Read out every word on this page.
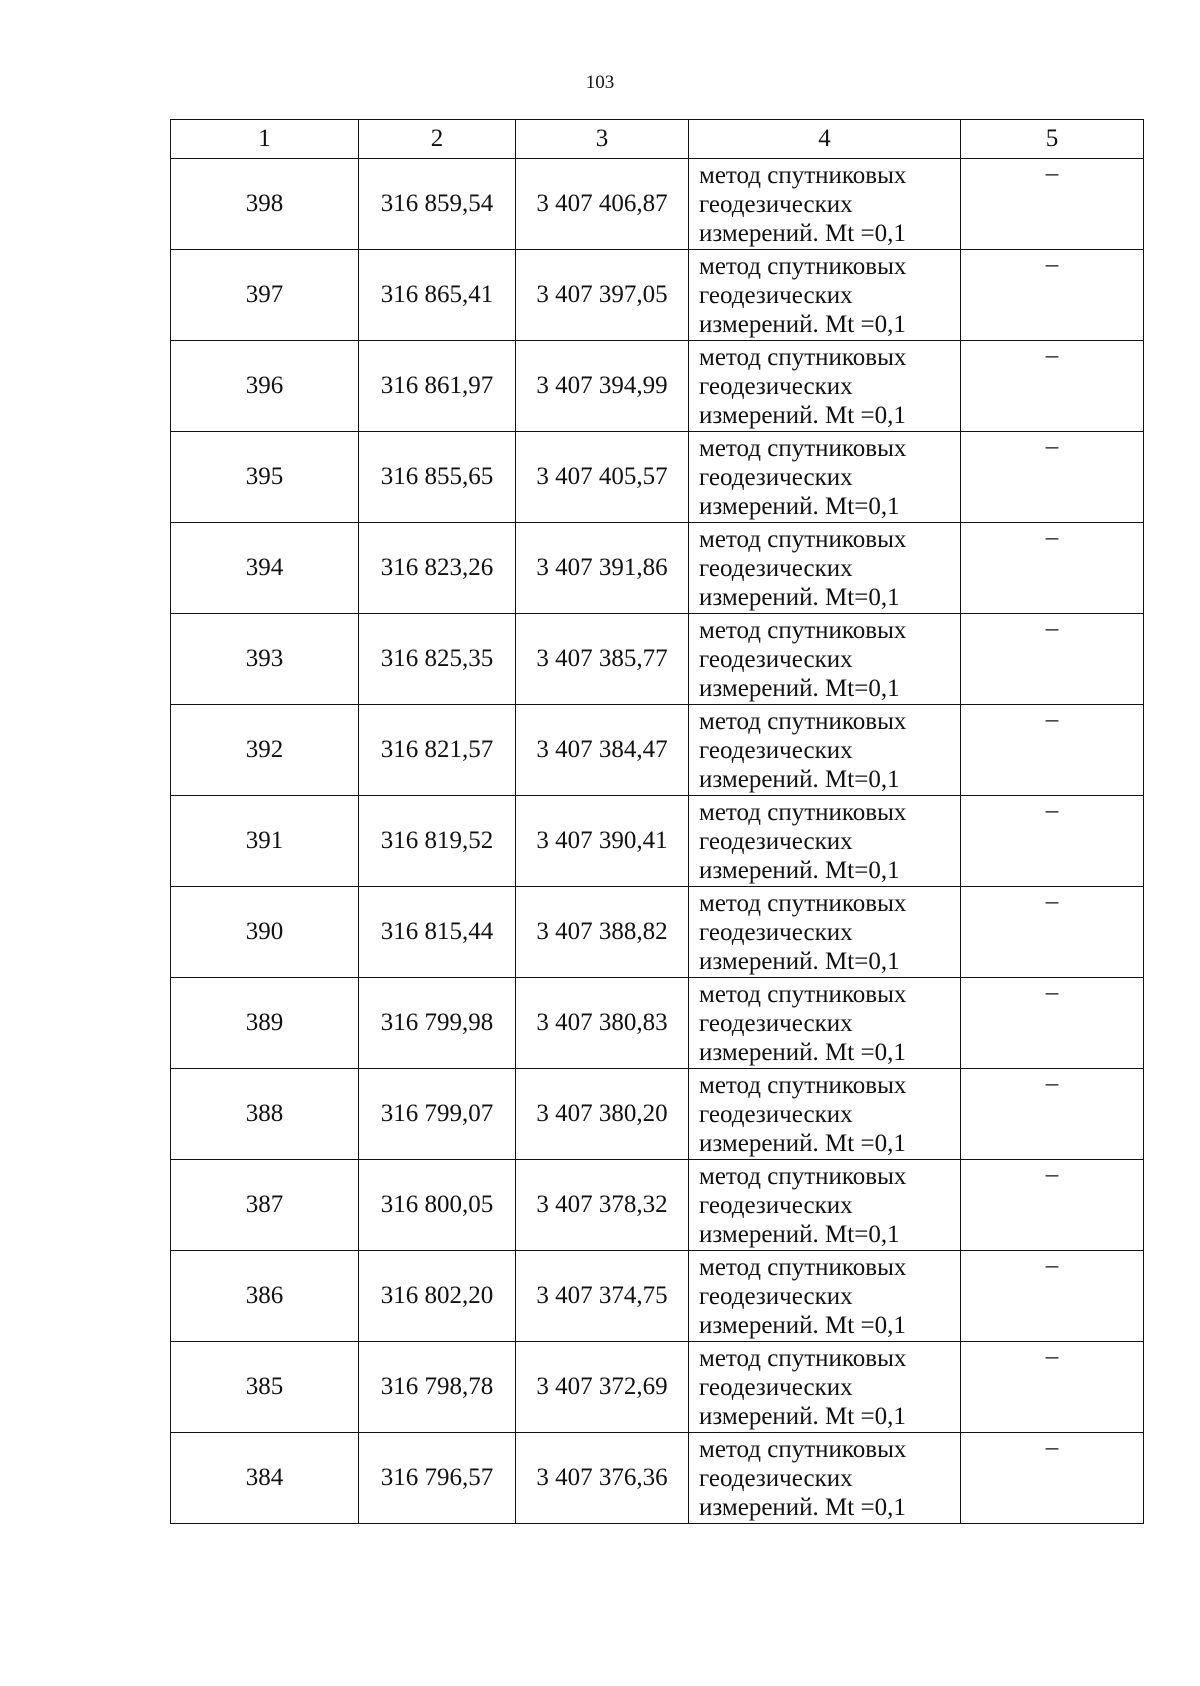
103
1	2	3	4	5
398	316 859,54	3 407 406,87	метод спутниковых
геодезических
измерений. Mt =0,1	–
397	316 865,41	3 407 397,05	метод спутниковых
геодезических
измерений. Mt =0,1	–
396	316 861,97	3 407 394,99	метод спутниковых
геодезических
измерений. Mt =0,1	–
395	316 855,65	3 407 405,57	метод спутниковых
геодезических
измерений. Mt=0,1	–
394	316 823,26	3 407 391,86	метод спутниковых
геодезических
измерений. Mt=0,1	–
393	316 825,35	3 407 385,77	метод спутниковых
геодезических
измерений. Mt=0,1	–
392	316 821,57	3 407 384,47	метод спутниковых
геодезических
измерений. Mt=0,1	–
391	316 819,52	3 407 390,41	метод спутниковых
геодезических
измерений. Mt=0,1	–
390	316 815,44	3 407 388,82	метод спутниковых
геодезических
измерений. Mt=0,1	–
389	316 799,98	3 407 380,83	метод спутниковых
геодезических
измерений. Mt =0,1	–
388	316 799,07	3 407 380,20	метод спутниковых
геодезических
измерений. Mt =0,1	–
387	316 800,05	3 407 378,32	метод спутниковых
геодезических
измерений. Mt=0,1	–
386	316 802,20	3 407 374,75	метод спутниковых
геодезических
измерений. Mt =0,1	–
385	316 798,78	3 407 372,69	метод спутниковых
геодезических
измерений. Mt =0,1	–
384	316 796,57	3 407 376,36	метод спутниковых
геодезических
измерений. Mt =0,1	–
